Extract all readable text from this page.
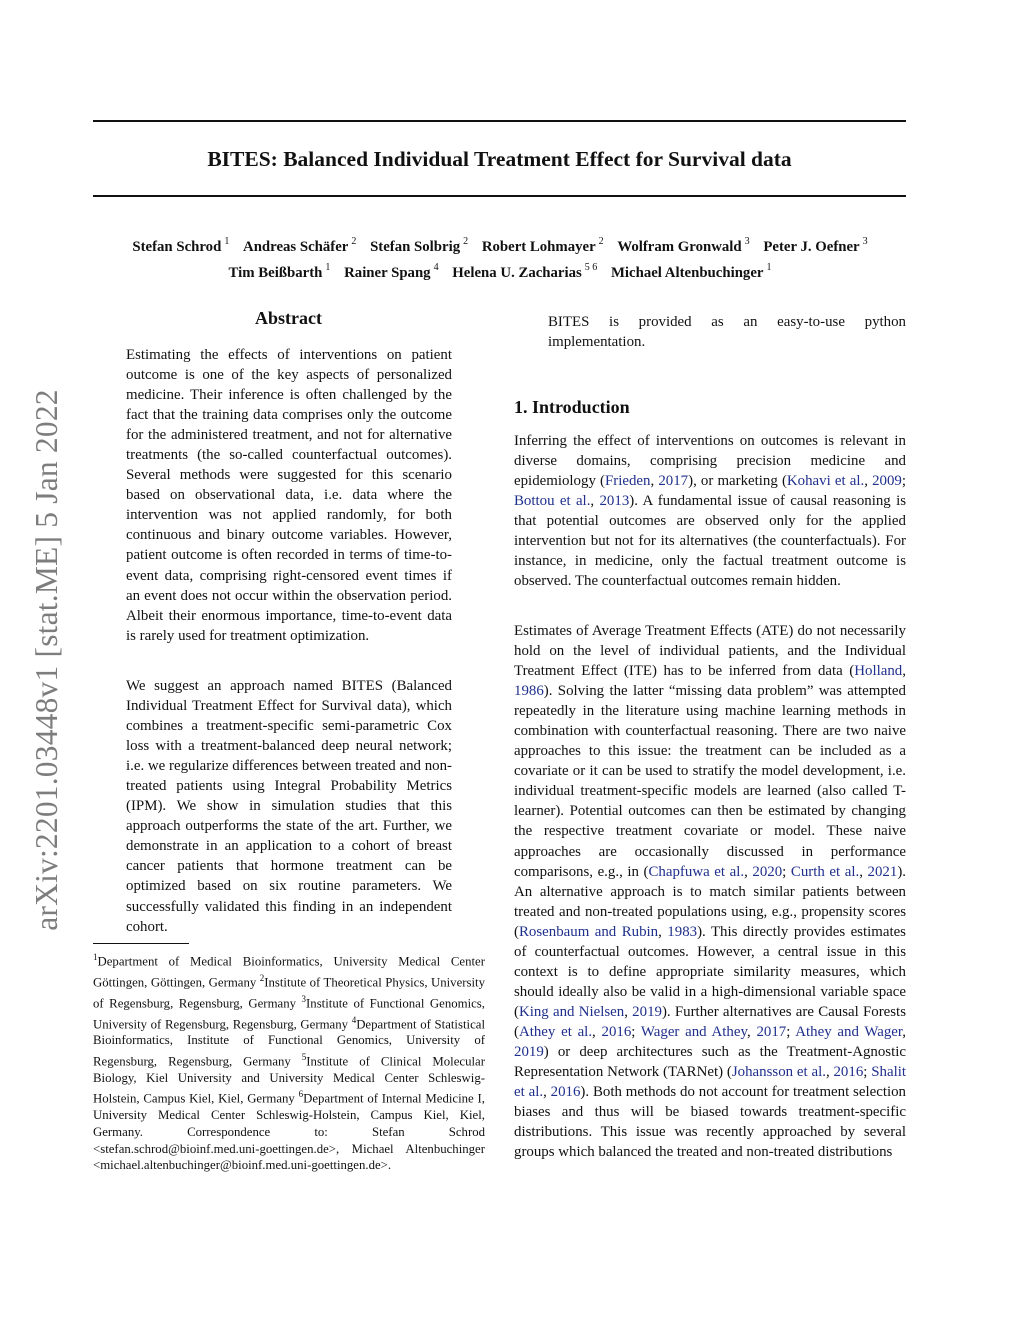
BITES: Balanced Individual Treatment Effect for Survival data
Stefan Schrod $^1$ Andreas Schäfer $^2$ Stefan Solbrig $^2$ Robert Lohmayer $^2$ Wolfram Gronwald $^3$ Peter J. Oefner $^3$
Tim Beißbarth $^1$ Rainer Spang $^4$ Helena U. Zacharias $^{5 6}$ Michael Altenbuchinger $^1$
arXiv:2201.03448v1 [stat.ME] 5 Jan 2022
Abstract

Estimating the effects of interventions on patient outcome is one of the key aspects of personalized medicine. Their inference is often challenged by the fact that the training data comprises only the outcome for the administered treatment, and not for alternative treatments (the so-called counterfactual outcomes). Several methods were suggested for this scenario based on observational data, i.e. data where the intervention was not applied randomly, for both continuous and binary outcome variables. However, patient outcome is often recorded in terms of time-to-event data, comprising right-censored event times if an event does not occur within the observation period. Albeit their enormous importance, time-to-event data is rarely used for treatment optimization.

We suggest an approach named BITES (Balanced Individual Treatment Effect for Survival data), which combines a treatment-specific semi-parametric Cox loss with a treatment-balanced deep neural network; i.e. we regularize differences between treated and non-treated patients using Integral Probability Metrics (IPM). We show in simulation studies that this approach outperforms the state of the art. Further, we demonstrate in an application to a cohort of breast cancer patients that hormone treatment can be optimized based on six routine parameters. We successfully validated this finding in an independent cohort.

$^1$Department of Medical Bioinformatics, University Medical Center Göttingen, Göttingen, Germany $^2$Institute of Theoretical Physics, University of Regensburg, Regensburg, Germany $^3$Institute of Functional Genomics, University of Regensburg, Regensburg, Germany $^4$Department of Statistical Bioinformatics, Institute of Functional Genomics, University of Regensburg, Regensburg, Germany $^5$Institute of Clinical Molecular Biology, Kiel University and University Medical Center Schleswig-Holstein, Campus Kiel, Kiel, Germany $^6$Department of Internal Medicine I, University Medical Center Schleswig-Holstein, Campus Kiel, Kiel, Germany.	Correspondence to: Stefan Schrod <stefan.schrod@bioinf.med.uni-goettingen.de>, Michael Altenbuchinger <michael.altenbuchinger@bioinf.med.uni-goettingen.de>.

BITES is provided as an easy-to-use python implementation.

1. Introduction

Inferring the effect of interventions on outcomes is relevant in diverse domains, comprising precision medicine and epidemiology (Frieden, 2017), or marketing (Kohavi et al., 2009; Bottou et al., 2013). A fundamental issue of causal reasoning is that potential outcomes are observed only for the applied intervention but not for its alternatives (the counterfactuals). For instance, in medicine, only the factual treatment outcome is observed. The counterfactual outcomes remain hidden.

Estimates of Average Treatment Effects (ATE) do not necessarily hold on the level of individual patients, and the Individual Treatment Effect (ITE) has to be inferred from data (Holland, 1986). Solving the latter “missing data problem” was attempted repeatedly in the literature using machine learning methods in combination with counterfactual reasoning. There are two naive approaches to this issue: the treatment can be included as a covariate or it can be used to stratify the model development, i.e. individual treatment-specific models are learned (also called T-learner). Potential outcomes can then be estimated by changing the respective treatment covariate or model. These naive approaches are occasionally discussed in performance comparisons, e.g., in (Chapfuwa et al., 2020; Curth et al., 2021). An alternative approach is to match similar patients between treated and non-treated populations using, e.g., propensity scores (Rosenbaum and Rubin, 1983). This directly provides estimates of counterfactual outcomes. However, a central issue in this context is to define appropriate similarity measures, which should ideally also be valid in a high-dimensional variable space (King and Nielsen, 2019). Further alternatives are Causal Forests (Athey et al., 2016; Wager and Athey, 2017; Athey and Wager, 2019) or deep architectures such as the Treatment-Agnostic Representation Network (TARNet) (Johansson et al., 2016; Shalit et al., 2016). Both methods do not account for treatment selection biases and thus will be biased towards treatment-specific distributions. This issue was recently approached by several groups which balanced the treated and non-treated distributions
